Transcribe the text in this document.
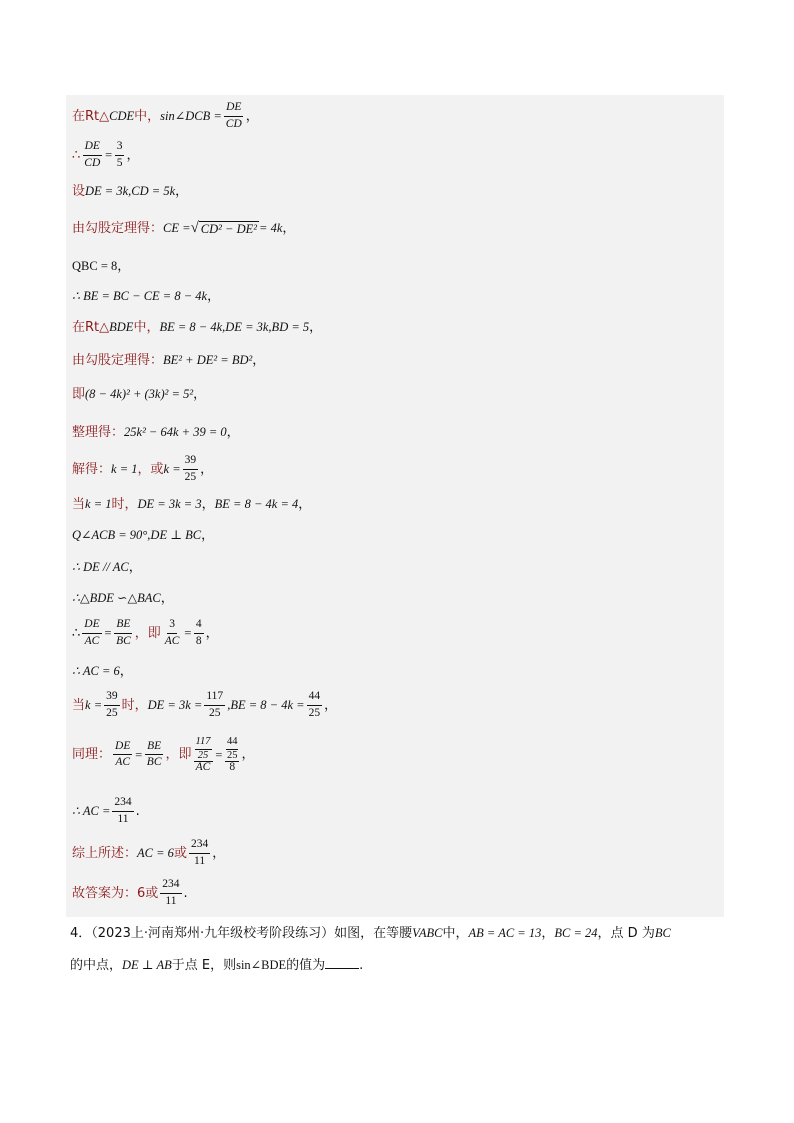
在Rt△ CDE 中， sin∠DCB = $\frac{DE}{CD}$ ，
∴ $\frac{DE}{CD} = \frac{3}{5}$ ，
设 DE = 3k,CD = 5k ，
由勾股定理得： CE = √ CD² − DE² = 4k ，
QBC = 8 ，
∴ BE = BC − CE = 8 − 4k ，
在Rt△ BDE 中， BE = 8 − 4k,DE = 3k,BD = 5 ，
由勾股定理得： BE² + DE² = BD² ，
即 (8 − 4k)² + (3k)² = 5² ，
整理得： 25k² − 64k + 39 = 0 ，
解得： k = 1 ，或 $k = \frac{39}{25}$ ，
当 k = 1 时， DE = 3k = 3 ， BE = 8 − 4k = 4 ，
Q∠ACB = 90°,DE ⊥ BC ，
∴ DE // AC ，
∴△BDE ∽△BAC ，
∴ $\frac{DE}{AC} = \frac{BE}{BC}$ ，即 $\frac{3}{AC} = \frac{4}{8}$ ，
∴ AC = 6 ，
当 $k = \frac{39}{25}$ 时， DE = $3k = \frac{117}{25} ,BE = 8 - 4k = \frac{44}{25}$ ，
同理： $\frac{DE}{AC} = \frac{BE}{BC}$ ，即 $\frac{\frac{117}{25}}{AC} = \frac{\frac{44}{25}}{8}$ ，
∴ AC = $\frac{234}{11}$ .
综上所述： AC = 6 或 $\frac{234}{11}$ ，
故答案为： 6或 $\frac{234}{11}$ .
4．（2023上·河南郑州·九年级校考阶段练习）如图，在等腰VABC中，AB = AC = 13，BC = 24，点 D 为BC
的中点，DE ⊥ AB于点 E，则sin∠BDE的值为	.
